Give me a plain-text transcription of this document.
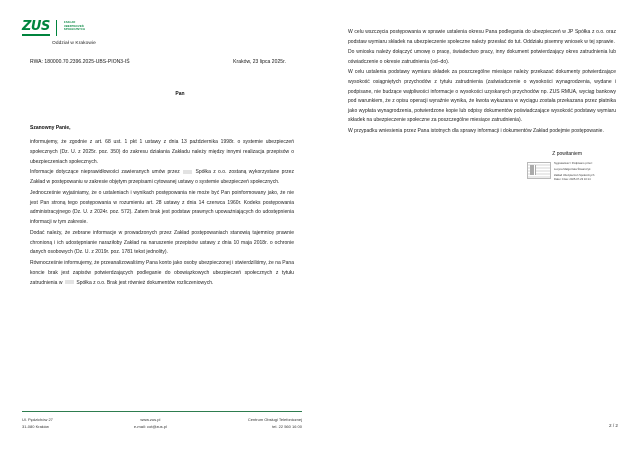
ZUS	ZAKŁAD
UBEZPIECZEŃ
SPOŁECZNYCH
Oddział w Krakowie
RWA: 180000.70.2396.2025-UBS-PION3-IŚ	Kraków, 23 lipca 2025r.
Pan
Szanowny Panie,

informujemy, że zgodnie z art. 68 ust. 1 pkt 1 ustawy z dnia 13 października 1998r. o systemie ubezpieczeń społecznych (Dz. U. z 2025r. poz. 350) do zakresu działania Zakładu należy między innymi realizacja przepisów o ubezpieczeniach społecznych.

Informacje dotyczące nieprawidłowości zawieranych umów przez  Spółka z o.o. zostaną wykorzystane przez Zakład w postępowaniu w zakresie objętym przepisami cytowanej ustawy o systemie ubezpieczeń społecznych.

Jednocześnie wyjaśniamy, że o ustaleniach i wynikach postępowania nie może być Pan poinformowany jako, że nie jest Pan stroną tego postępowania w rozumieniu art. 28 ustawy z dnia 14 czerwca 1960r. Kodeks postępowania administracyjnego (Dz. U. z 2024r. poz. 572). Zatem brak jest podstaw prawnych upoważniających do udostępnienia informacji w tym zakresie.

Dodać należy, że zebrane informacje w prowadzonych przez Zakład postępowaniach stanowią tajemnicę prawnie chronioną i ich udostępnianie naraziłoby Zakład na naruszenie przepisów ustawy z dnia 10 maja 2018r. o ochronie danych osobowych (Dz. U. z 2019r. poz. 1781 tekst jednolity).

Równocześnie informujemy, że przeanalizowaliśmy Pana konto jako osoby ubezpieczonej i stwierdziliśmy, że na Pana koncie brak jest zapisów potwierdzających podleganie do obowiązkowych ubezpieczeń społecznych z tytułu zatrudnienia w  Spółka z o.o. Brak jest również dokumentów rozliczeniowych.

Ul. Pędzichów 27
31-080 Kraków
www.zus.pl
e-mail: cot@zus.pl
Centrum Obsługi Telefonicznej
tel. 22 560 16 00

W celu wszczęcia postępowania w sprawie ustalenia okresu Pana podlegania do ubezpieczeń w JP Spółka z o.o. oraz podstaw wymiaru składek na ubezpieczenie społeczne należy przesłać do tut. Oddziału pisemny wniosek w tej sprawie.

Do wniosku należy dołączyć umowę o pracę, świadectwo pracy, inny dokument potwierdzający okres zatrudnienia lub oświadczenie o okresie zatrudnienia (od–do).

W celu ustalenia podstawy wymiaru składek za poszczególne miesiące należy przekazać dokumenty potwierdzające wysokość osiągniętych przychodów z tytułu zatrudnienia (zaświadczenie o wysokości wynagrodzenia, wydane i podpisane, nie budzące wątpliwości informacje o wysokości uzyskanych przychodów np. ZUS RMUA, wyciąg bankowy pod warunkiem, że z opisu operacji wyraźnie wynika, że kwota wykazana w wyciągu została przekazana przez płatnika jako wypłata wynagrodzenia, potwierdzone kopie lub odpisy dokumentów poświadczające wysokość podstawy wymiaru składek na ubezpieczenie społeczne za poszczególne miesiące zatrudnienia).

W przypadku wniesienia przez Pana istotnych dla sprawy informacji i dokumentów Zakład podejmie postępowanie.

Z powitaniem
Sygnatariusz / Podpisano przez:
Lucyna Małgorzata Ślosarczyk
Zakład Ubezpieczeń Społecznych
Data i Czas: 2025-07-23 10:14
2 / 2
